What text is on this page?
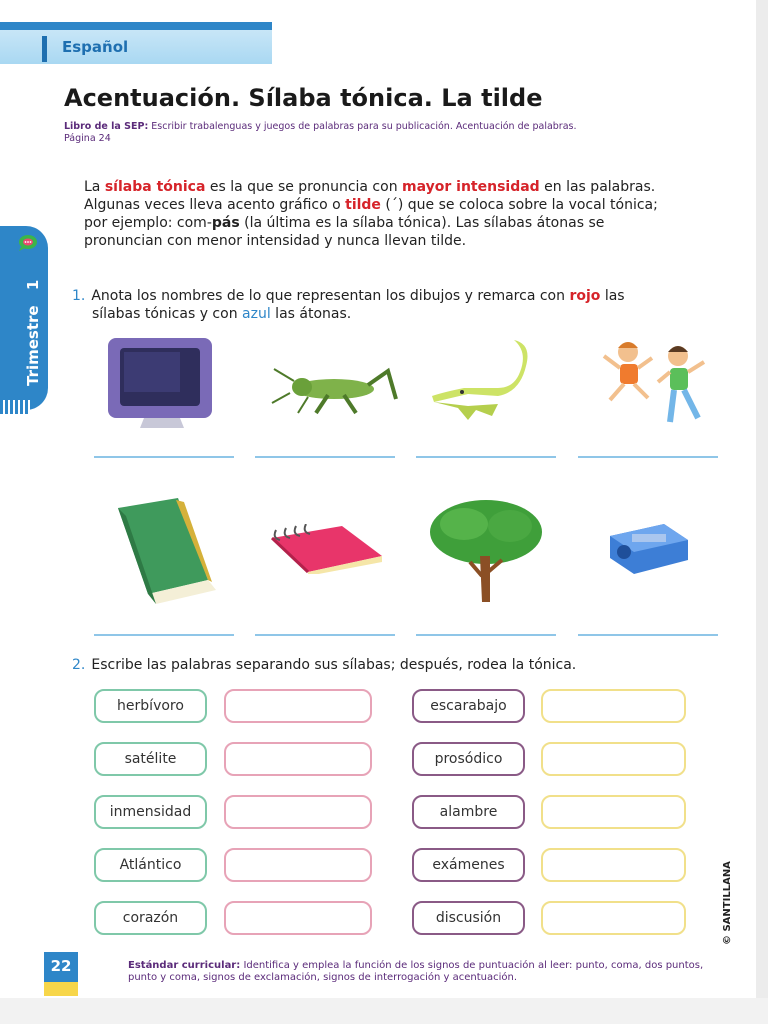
Español
Acentuación. Sílaba tónica. La tilde
Libro de la SEP: Escribir trabalenguas y juegos de palabras para su publicación. Acentuación de palabras.
Página 24
Trimestre 1
La sílaba tónica es la que se pronuncia con mayor intensidad en las palabras.
Algunas veces lleva acento gráfico o tilde (´) que se coloca sobre la vocal tónica;
por ejemplo: com-pás (la última es la sílaba tónica). Las sílabas átonas se
pronuncian con menor intensidad y nunca llevan tilde.
1. Anota los nombres de lo que representan los dibujos y remarca con rojo las
sílabas tónicas y con azul las átonas.
2. Escribe las palabras separando sus sílabas; después, rodea la tónica.
herbívoro	escarabajo
satélite	prosódico
inmensidad	alambre
Atlántico	exámenes
corazón	discusión	© SANTILLANA
22	Estándar curricular: Identifica y emplea la función de los signos de puntuación al leer: punto, coma, dos puntos, punto y coma, signos de exclamación, signos de interrogación y acentuación.
